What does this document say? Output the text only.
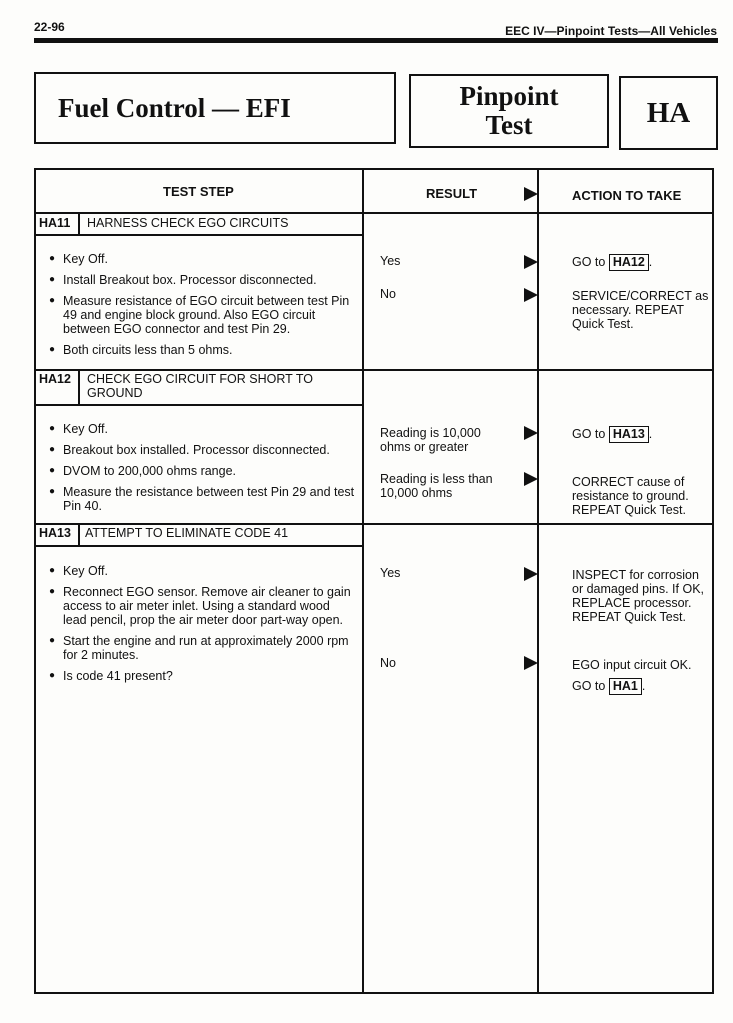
22-96	EEC IV—Pinpoint Tests—All Vehicles
Fuel Control — EFI	Pinpoint Test	HA
TEST STEP	RESULT	ACTION TO TAKE
HA11 HARNESS CHECK EGO CIRCUITS
● Key Off.
● Install Breakout box. Processor disconnected.
● Measure resistance of EGO circuit between test Pin 49 and engine block ground. Also EGO circuit between EGO connector and test Pin 29.
● Both circuits less than 5 ohms.
Yes	GO to HA12 .
No	SERVICE/CORRECT as necessary. REPEAT Quick Test.
HA12 CHECK EGO CIRCUIT FOR SHORT TO GROUND
● Key Off.
● Breakout box installed. Processor disconnected.
● DVOM to 200,000 ohms range.
● Measure the resistance between test Pin 29 and test Pin 40.
Reading is 10,000 ohms or greater
GO to HA13 .
Reading is less than 10,000 ohms
CORRECT cause of resistance to ground. REPEAT Quick Test.
HA13 ATTEMPT TO ELIMINATE CODE 41
● Key Off.
● Reconnect EGO sensor. Remove air cleaner to gain access to air meter inlet. Using a standard wood lead pencil, prop the air meter door part-way open.
● Start the engine and run at approximately 2000 rpm for 2 minutes.
● Is code 41 present?
Yes	INSPECT for corrosion or damaged pins. If OK, REPLACE processor. REPEAT Quick Test.
No	EGO input circuit OK.
GO to HA1 .
